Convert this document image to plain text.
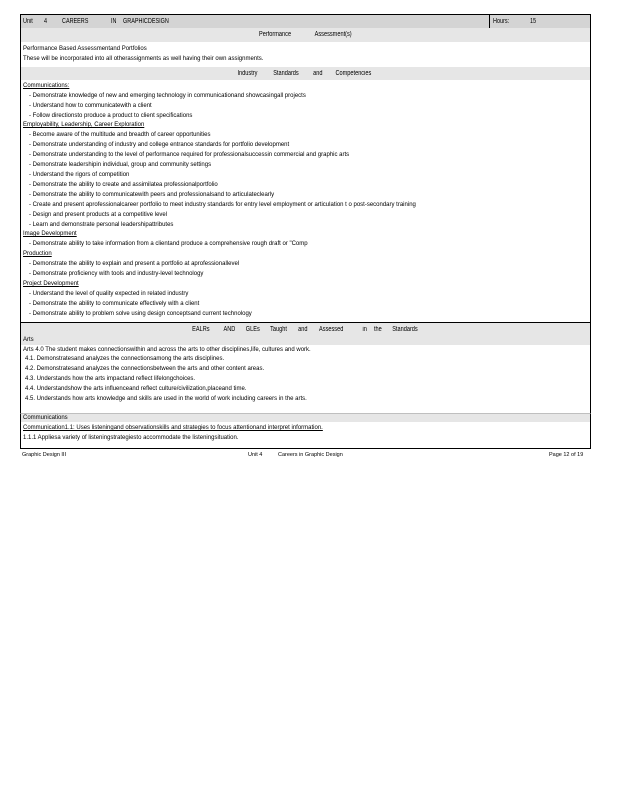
Unit 4 CAREERS	IN GRAPHICDESIGN	Hours:	15
Performance	Assessment(s)
Performance Based Assessmentand Portfolios
These will be incorporated into all otherassignments as well having their own assignments.
Industry Standards and Competencies
Communications:
- Demonstrate knowledge of new and emerging technology in communicationand showcasingall projects
- Understand how to communicatewith a client
- Follow directionsto produce a product to client specifications
Employability, Leadership, Career Exploration
- Become aware of the multitude and breadth of career opportunities
- Demonstrate understanding of industry and college entrance standards for portfolio development
- Demonstrate understanding to the level of performance required for professionalsuccessin commercial and graphic arts
- Demonstrate leadershipin individual, group and community settings
- Understand the rigors of competition
- Demonstrate the ability to create and assimilatea professionalportfolio
- Demonstrate the ability to communicatewith peers and professionalsand to articulateclearly
- Create and present aprofessionalcareer portfolio to meet industry standards for entry level employment or articulation t o post-secondary training
- Design and present products at a competitive level
- Learn and demonstrate personal leadershipattributes
Image Development
- Demonstrate ability to take information from a clientand produce a comprehensive rough draft or "Comp
Production
- Demonstrate the ability to explain and present a portfolio at aprofessionallevel
- Demonstrate proficiency with tools and industry-level technology
Project Development
- Understand the level of quality expected in related industry
- Demonstrate the ability to communicate effectively with a client
- Demonstrate ability to problem solve using design conceptsand current technology
EALRs AND GLEs Taught and Assessed	in the Standards
Arts
Arts 4.0 The student makes connectionswithin and across the arts to other disciplines,life, cultures and work.
4.1. Demonstratesand analyzes the connectionsamong the arts disciplines.
4.2. Demonstratesand analyzes the connectionsbetween the arts and other content areas.
4.3. Understands how the arts impactand reflect lifelongchoices.
4.4. Understandshow the arts influenceand reflect culture/civilization,placeand time.
4.5. Understands how arts knowledge and skills are used in the world of work including careers in the arts.
Communications
Communication1.1: Uses listeningand observationskills and strategies to focus attentionand interpret information.
1.1.1 Appliesa variety of listeningstrategiesto accommodate the listeningsituation.
Graphic Design III	Unit 4	Careers in Graphic Design	Page 12 of 19
